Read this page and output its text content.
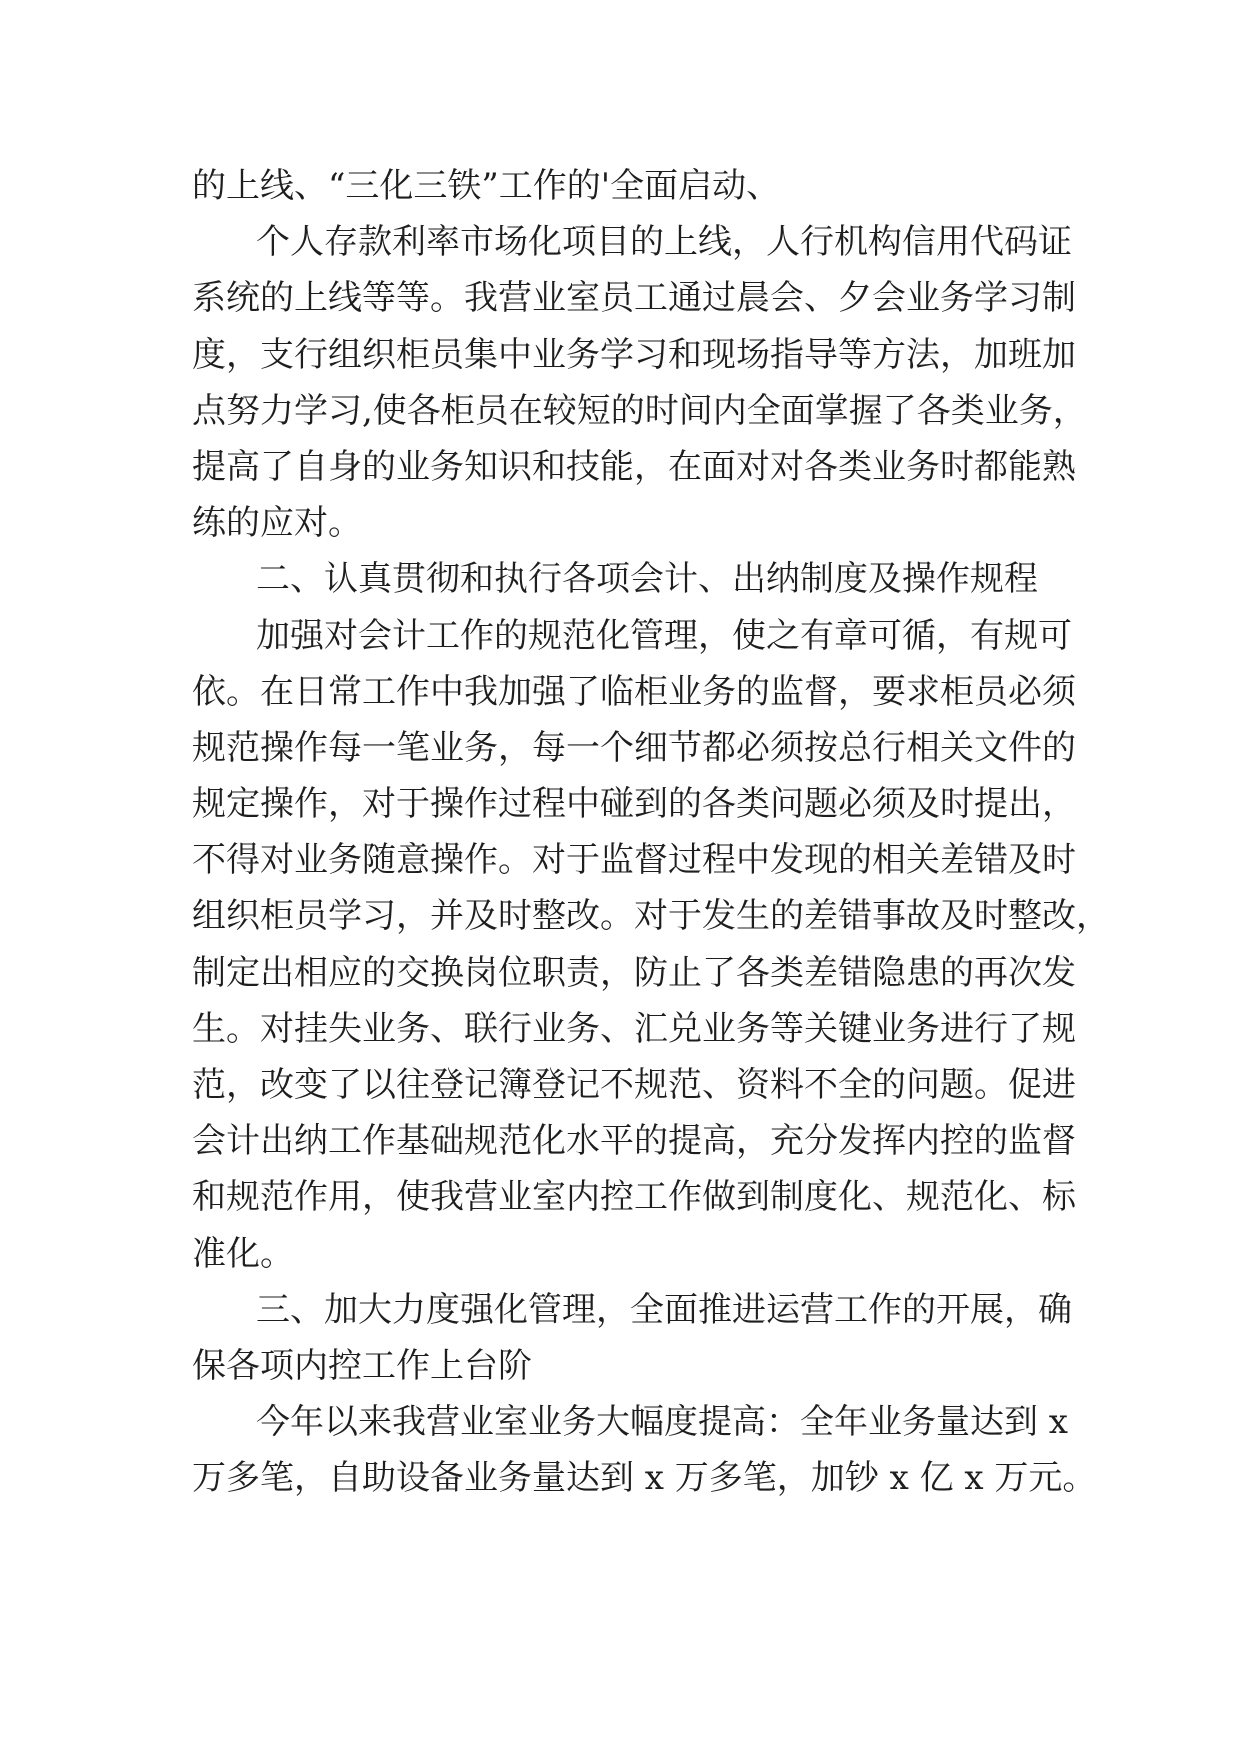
的上线、“三化三铁”工作的'全面启动、
个人存款利率市场化项目的上线，人行机构信用代码证
系统的上线等等。我营业室员工通过晨会、夕会业务学习制
度，支行组织柜员集中业务学习和现场指导等方法，加班加
点努力学习,使各柜员在较短的时间内全面掌握了各类业务，
提高了自身的业务知识和技能，在面对对各类业务时都能熟
练的应对。
二、认真贯彻和执行各项会计、出纳制度及操作规程
加强对会计工作的规范化管理，使之有章可循，有规可
依。在日常工作中我加强了临柜业务的监督，要求柜员必须
规范操作每一笔业务，每一个细节都必须按总行相关文件的
规定操作，对于操作过程中碰到的各类问题必须及时提出，
不得对业务随意操作。对于监督过程中发现的相关差错及时
组织柜员学习，并及时整改。对于发生的差错事故及时整改，
制定出相应的交换岗位职责，防止了各类差错隐患的再次发
生。对挂失业务、联行业务、汇兑业务等关键业务进行了规
范，改变了以往登记簿登记不规范、资料不全的问题。促进
会计出纳工作基础规范化水平的提高，充分发挥内控的监督
和规范作用，使我营业室内控工作做到制度化、规范化、标
准化。
三、加大力度强化管理，全面推进运营工作的开展，确
保各项内控工作上台阶
今年以来我营业室业务大幅度提高：全年业务量达到 x
万多笔，自助设备业务量达到 x 万多笔，加钞 x 亿 x 万元。
